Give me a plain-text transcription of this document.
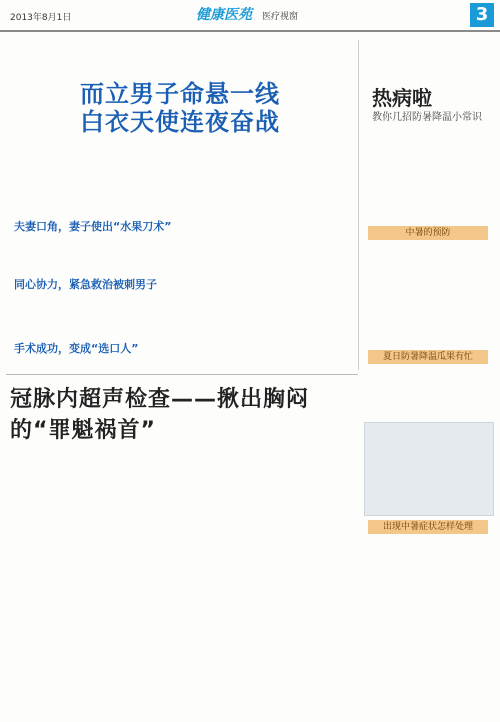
2013年8月1日	健康医苑 医疗视窗	3
而立男子命悬一线
白衣天使连夜奋战
夫妻口角，妻子使出“水果刀术”
同心协力，紧急救治被刺男子
手术成功，变成“选口人”
热病啦
教你几招防暑降温小常识
中暑的预防
夏日防暑降温瓜果有忙
冠脉内超声检查——揪出胸闷的“罪魁祸首”
出现中暑症状怎样处理
